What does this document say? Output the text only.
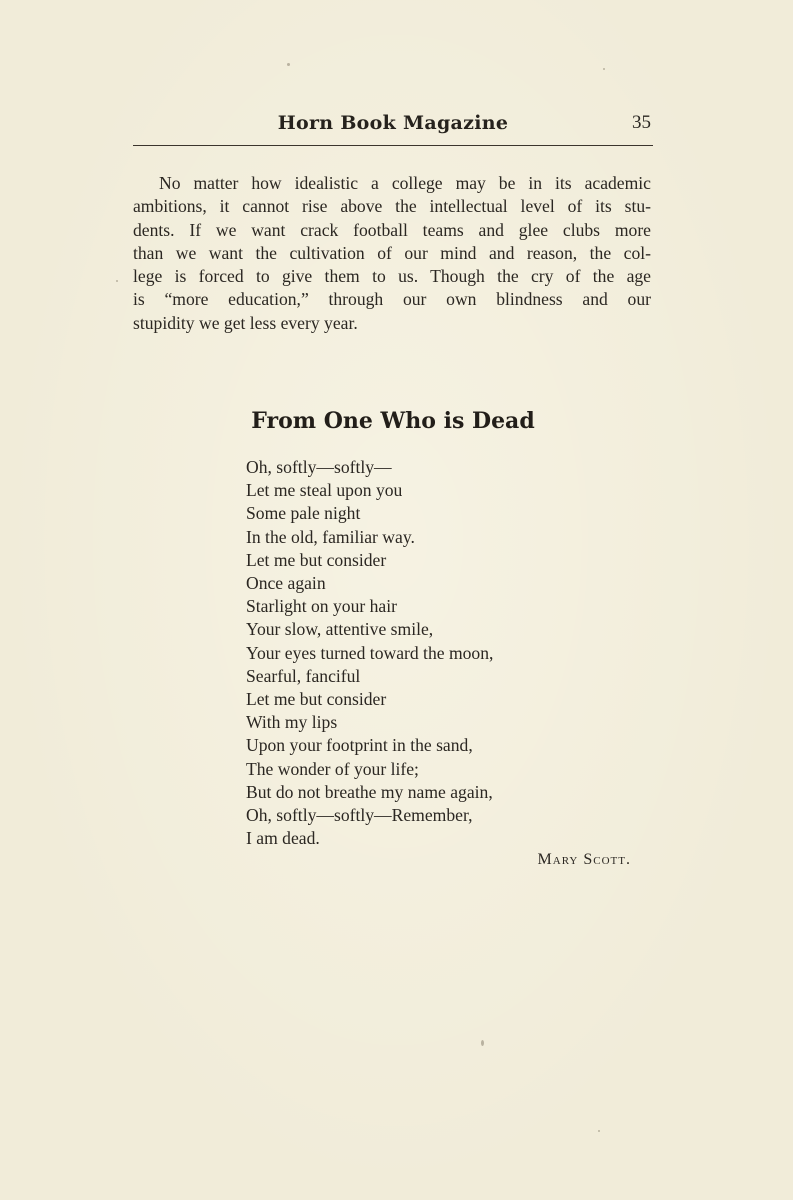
Horn Book Magazine	35
No matter how idealistic a college may be in its academic
ambitions, it cannot rise above the intellectual level of its stu-
dents. If we want crack football teams and glee clubs more
than we want the cultivation of our mind and reason, the col-
lege is forced to give them to us. Though the cry of the age
is “more education,” through our own blindness and our
stupidity we get less every year.
From One Who is Dead
Oh, softly—softly—
Let me steal upon you
Some pale night
In the old, familiar way.
Let me but consider
Once again
Starlight on your hair
Your slow, attentive smile,
Your eyes turned toward the moon,
Searful, fanciful
Let me but consider
With my lips
Upon your footprint in the sand,
The wonder of your life;
But do not breathe my name again,
Oh, softly—softly—Remember,
I am dead.
Mary Scott.
